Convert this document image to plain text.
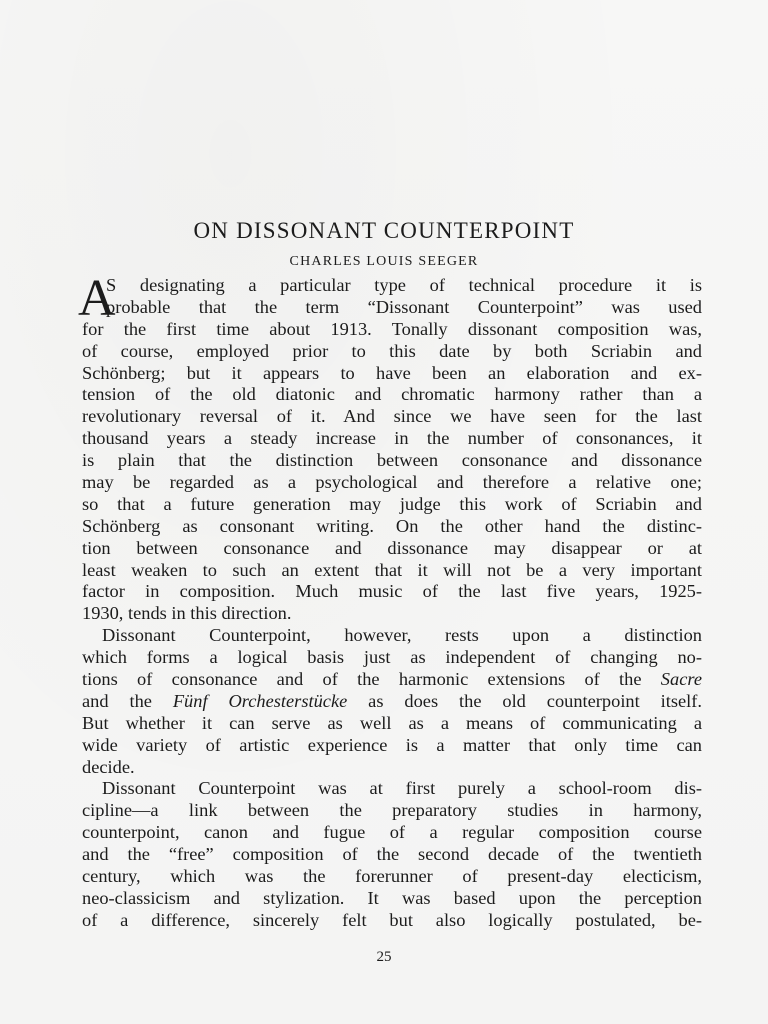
ON DISSONANT COUNTERPOINT
CHARLES LOUIS SEEGER
A
S designating a particular type of technical procedure it is
probable that the term “Dissonant Counterpoint” was used
for the first time about 1913. Tonally dissonant composition was,
of course, employed prior to this date by both Scriabin and
Schönberg; but it appears to have been an elaboration and ex-
tension of the old diatonic and chromatic harmony rather than a
revolutionary reversal of it. And since we have seen for the last
thousand years a steady increase in the number of consonances, it
is plain that the distinction between consonance and dissonance
may be regarded as a psychological and therefore a relative one;
so that a future generation may judge this work of Scriabin and
Schönberg as consonant writing. On the other hand the distinc-
tion between consonance and dissonance may disappear or at
least weaken to such an extent that it will not be a very important
factor in composition. Much music of the last five years, 1925-
1930, tends in this direction.
Dissonant Counterpoint, however, rests upon a distinction
which forms a logical basis just as independent of changing no-
tions of consonance and of the harmonic extensions of the Sacre
and the Fünf Orchesterstücke as does the old counterpoint itself.
But whether it can serve as well as a means of communicating a
wide variety of artistic experience is a matter that only time can
decide.
Dissonant Counterpoint was at first purely a school-room dis-
cipline—a link between the preparatory studies in harmony,
counterpoint, canon and fugue of a regular composition course
and the “free” composition of the second decade of the twentieth
century, which was the forerunner of present-day electicism,
neo-classicism and stylization. It was based upon the perception
of a difference, sincerely felt but also logically postulated, be-
25
